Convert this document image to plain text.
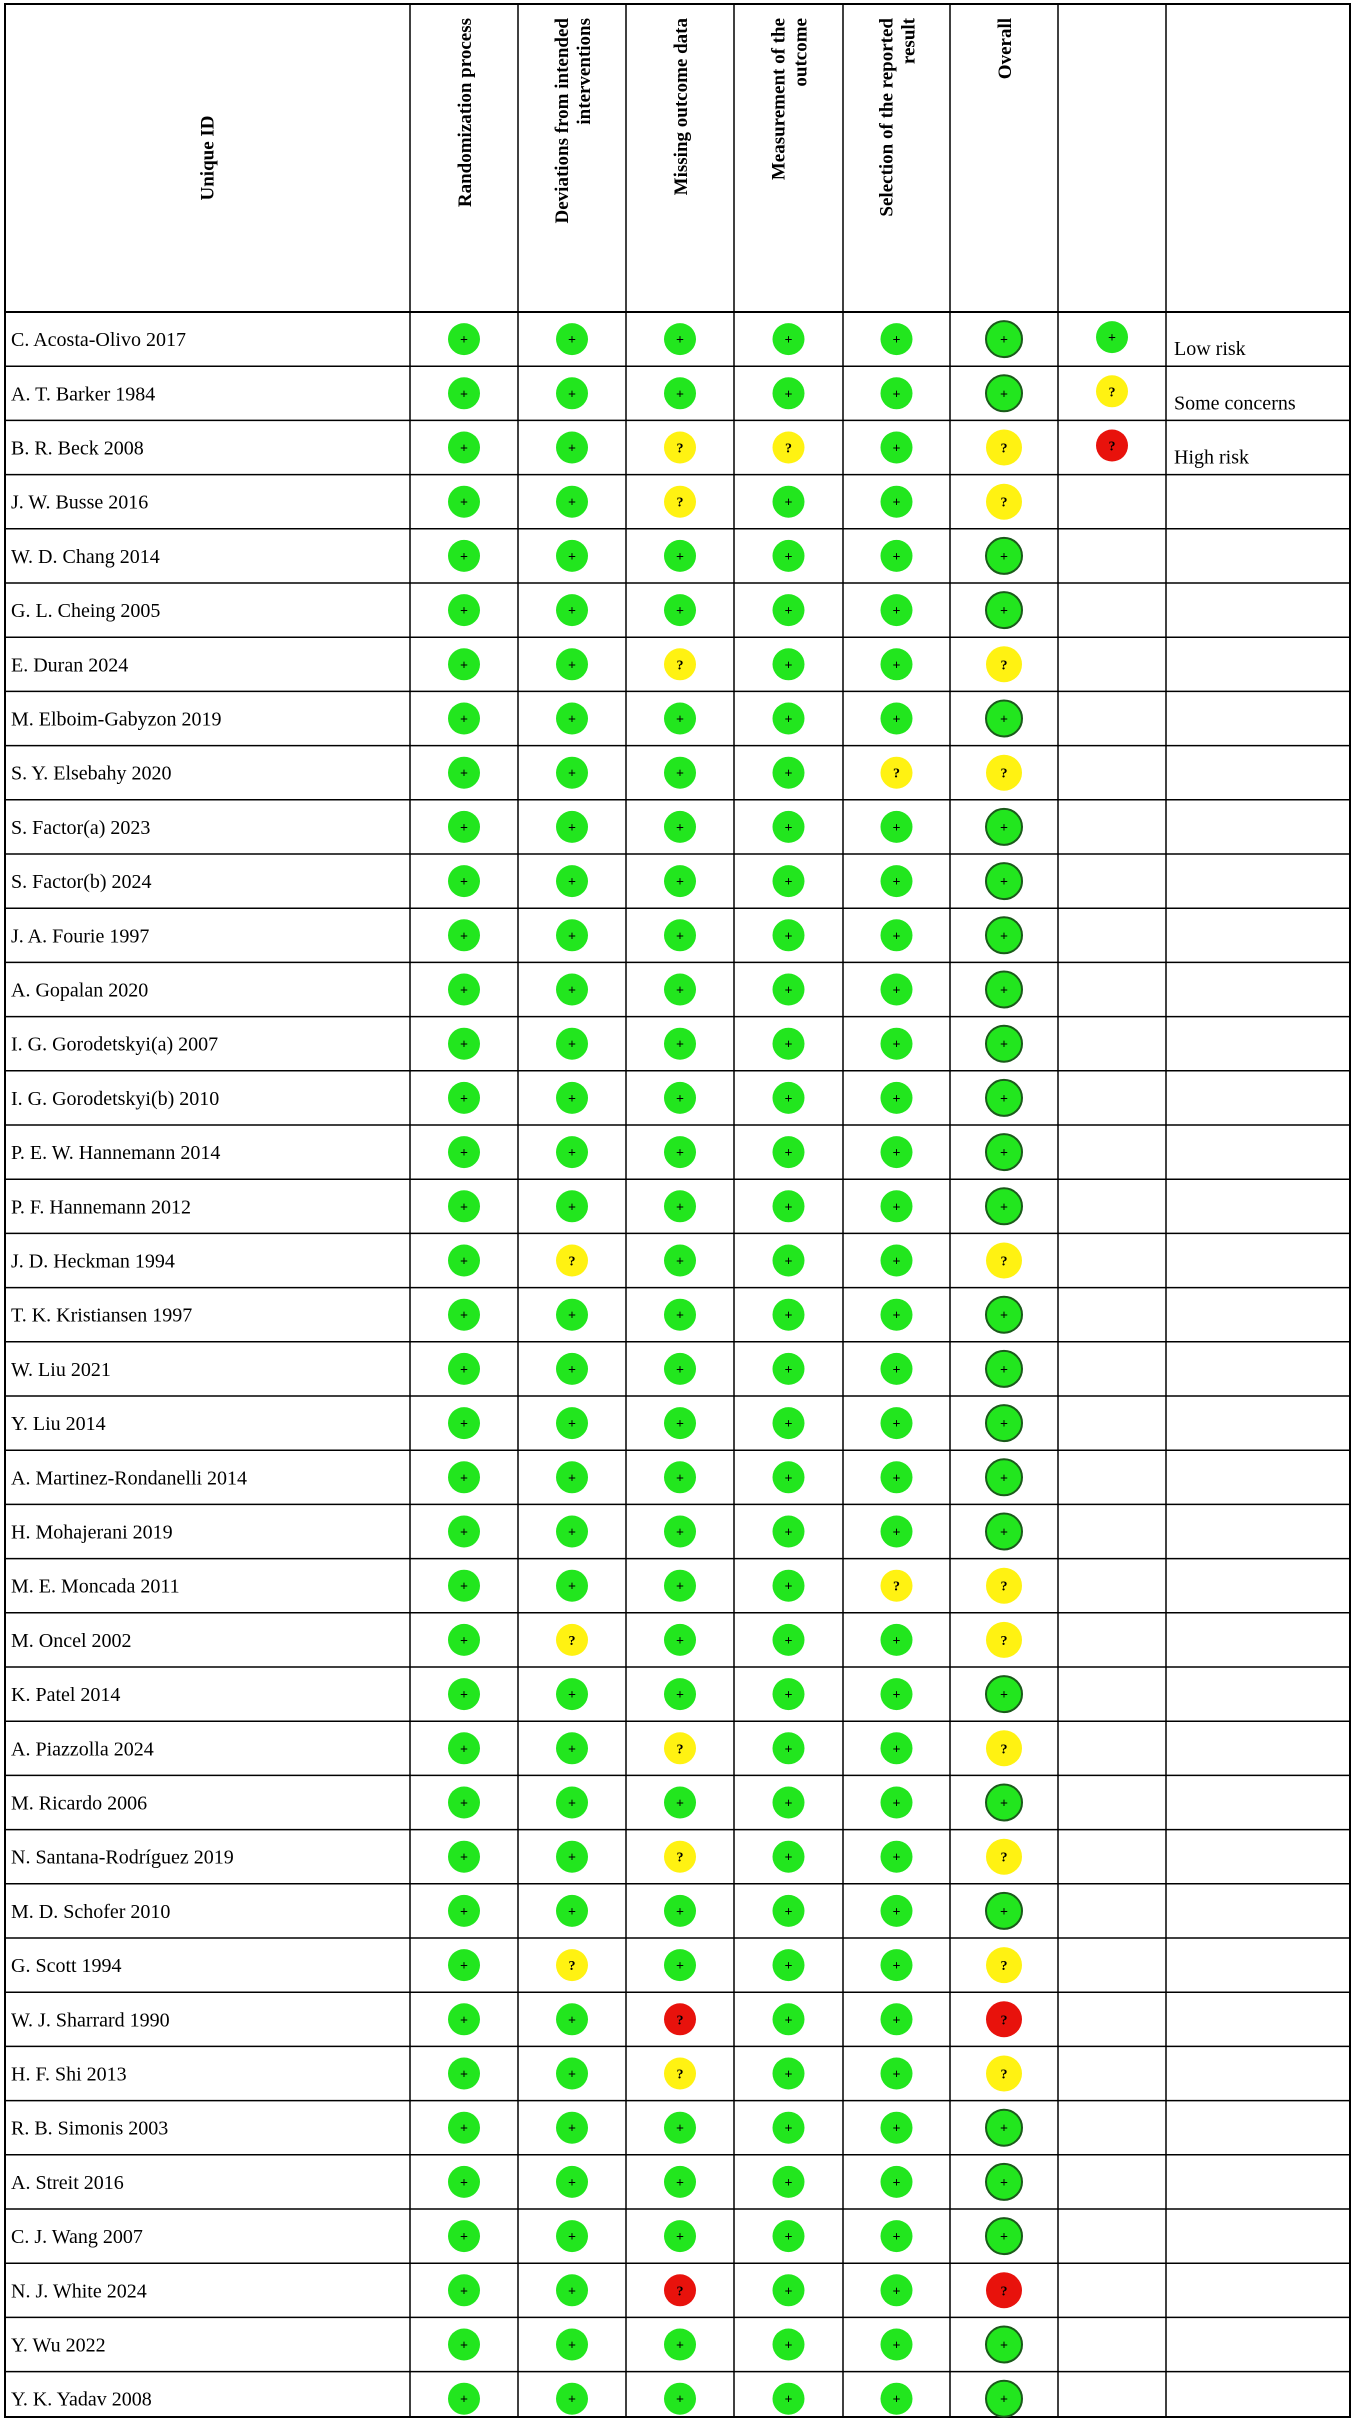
Unique ID	Randomization process	Deviations from intendedinterventions	Missing outcome data	Measurement of theoutcome	Selection of the reportedresult	Overall
C. Acosta-Olivo 2017	+	+	+	+	+	+
A. T. Barker 1984	+	+	+	+	+	+
B. R. Beck 2008	+	+	?	?	+	?
J. W. Busse 2016	+	+	?	+	+	?
W. D. Chang 2014	+	+	+	+	+	+
G. L. Cheing 2005	+	+	+	+	+	+
E. Duran 2024	+	+	?	+	+	?
M. Elboim-Gabyzon 2019	+	+	+	+	+	+
S. Y. Elsebahy 2020	+	+	+	+	?	?
S. Factor(a) 2023	+	+	+	+	+	+
S. Factor(b) 2024	+	+	+	+	+	+
J. A. Fourie 1997	+	+	+	+	+	+
A. Gopalan 2020	+	+	+	+	+	+
I. G. Gorodetskyi(a) 2007	+	+	+	+	+	+
I. G. Gorodetskyi(b) 2010	+	+	+	+	+	+
P. E. W. Hannemann 2014	+	+	+	+	+	+
P. F. Hannemann 2012	+	+	+	+	+	+
J. D. Heckman 1994	+	?	+	+	+	?
T. K. Kristiansen 1997	+	+	+	+	+	+
W. Liu 2021	+	+	+	+	+	+
Y. Liu 2014	+	+	+	+	+	+
A. Martinez-Rondanelli 2014	+	+	+	+	+	+
H. Mohajerani 2019	+	+	+	+	+	+
M. E. Moncada 2011	+	+	+	+	?	?
M. Oncel 2002	+	?	+	+	+	?
K. Patel 2014	+	+	+	+	+	+
A. Piazzolla 2024	+	+	?	+	+	?
M. Ricardo 2006	+	+	+	+	+	+
N. Santana-Rodríguez 2019	+	+	?	+	+	?
M. D. Schofer 2010	+	+	+	+	+	+
G. Scott 1994	+	?	+	+	+	?
W. J. Sharrard 1990	+	+	?	+	+	?
H. F. Shi 2013	+	+	?	+	+	?
R. B. Simonis 2003	+	+	+	+	+	+
A. Streit 2016	+	+	+	+	+	+
C. J. Wang 2007	+	+	+	+	+	+
N. J. White 2024	+	+	?	+	+	?
Y. Wu 2022	+	+	+	+	+	+
Y. K. Yadav 2008	+	+	+	+	+	+
+	Low risk
?	Some concerns
?	High risk
